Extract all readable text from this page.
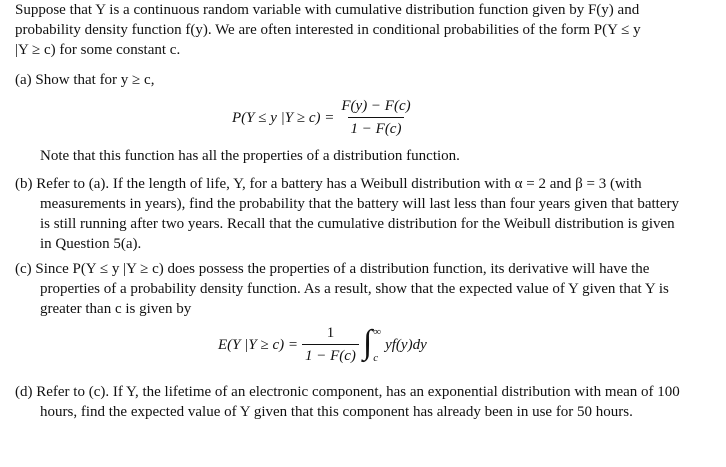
Suppose that Y is a continuous random variable with cumulative distribution function given by F(y) and probability density function f(y). We are often interested in conditional probabilities of the form P(Y ≤ y |Y ≥ c) for some constant c.

(a) Show that for y ≥ c,

P(Y ≤ y $|Y \ge c) = \frac{F(y) - F(c)}{1 - F(c)}$

Note that this function has all the properties of a distribution function.

(b) Refer to (a). If the length of life, Y, for a battery has a Weibull distribution with α = 2 and β = 3 (with measurements in years), find the probability that the battery will last less than four years given that battery is still running after two years. Recall that the cumulative distribution for the Weibull distribution is given in Question 5(a).

(c) Since P(Y ≤ y |Y ≥ c) does possess the properties of a distribution function, its derivative will have the properties of a probability density function. As a result, show that the expected value of Y given that Y is greater than c is given by

E(Y $|Y \ge c) = \frac{1}{1 - F(c)}$ ∫ ∞
c
yf(y)dy

(d) Refer to (c). If Y, the lifetime of an electronic component, has an exponential distribution with mean of 100 hours, find the expected value of Y given that this component has already been in use for 50 hours.
